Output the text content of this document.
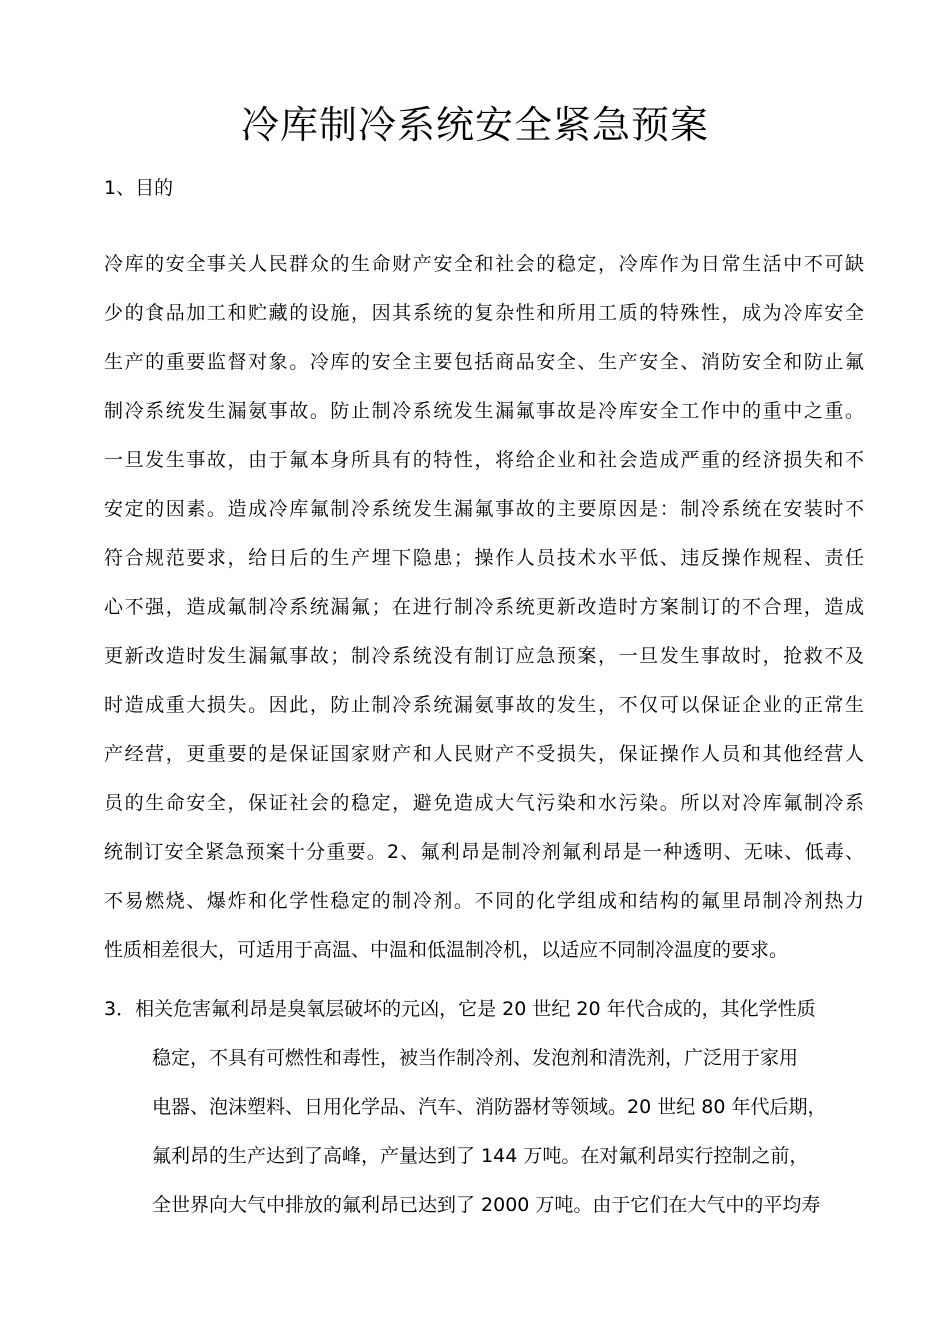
冷库制冷系统安全紧急预案
1、目的
冷库的安全事关人民群众的生命财产安全和社会的稳定，冷库作为日常生活中不可缺
少的食品加工和贮藏的设施，因其系统的复杂性和所用工质的特殊性，成为冷库安全
生产的重要监督对象。冷库的安全主要包括商品安全、生产安全、消防安全和防止氟
制冷系统发生漏氨事故。防止制冷系统发生漏氟事故是冷库安全工作中的重中之重。
一旦发生事故，由于氟本身所具有的特性，将给企业和社会造成严重的经济损失和不
安定的因素。造成冷库氟制冷系统发生漏氟事故的主要原因是：制冷系统在安装时不
符合规范要求，给日后的生产埋下隐患；操作人员技术水平低、违反操作规程、责任
心不强，造成氟制冷系统漏氟；在进行制冷系统更新改造时方案制订的不合理，造成
更新改造时发生漏氟事故；制冷系统没有制订应急预案，一旦发生事故时，抢救不及
时造成重大损失。因此，防止制冷系统漏氨事故的发生，不仅可以保证企业的正常生
产经营，更重要的是保证国家财产和人民财产不受损失，保证操作人员和其他经营人
员的生命安全，保证社会的稳定，避免造成大气污染和水污染。所以对冷库氟制冷系
统制订安全紧急预案十分重要。2、氟利昂是制冷剂氟利昂是一种透明、无味、低毒、
不易燃烧、爆炸和化学性稳定的制冷剂。不同的化学组成和结构的氟里昂制冷剂热力
性质相差很大，可适用于高温、中温和低温制冷机，以适应不同制冷温度的要求。
3．相关危害氟利昂是臭氧层破坏的元凶，它是 20 世纪 20 年代合成的，其化学性质
稳定，不具有可燃性和毒性，被当作制冷剂、发泡剂和清洗剂，广泛用于家用
电器、泡沫塑料、日用化学品、汽车、消防器材等领域。20 世纪 80 年代后期，
氟利昂的生产达到了高峰，产量达到了 144 万吨。在对氟利昂实行控制之前，
全世界向大气中排放的氟利昂已达到了 2000 万吨。由于它们在大气中的平均寿
